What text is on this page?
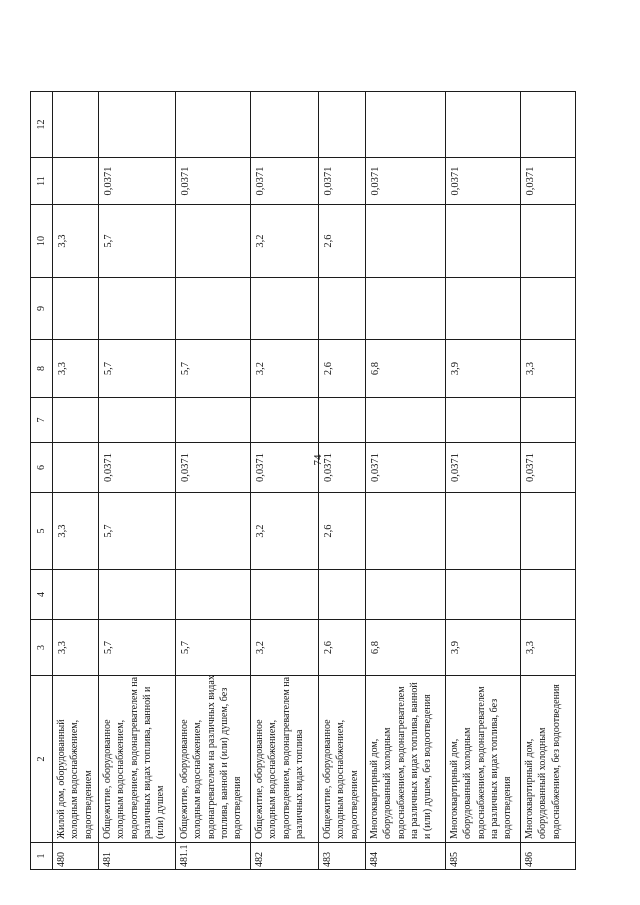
74
1	2	3	4	5	6	7	8	9	10	11	12
480	Жилой дом, оборудованный
холодным водоснабжением,
водоотведением	3,3		3,3			3,3		3,3		
481	Общежитие, оборудованное
холодным водоснабжением,
водоотведением, водонагревателем на
различных видах топлива, ванной и
(или) душем	5,7		5,7	0,0371		5,7		5,7	0,0371	
481.1	Общежитие, оборудованное
холодным водоснабжением,
водонагревателем на различных видах
топлива, ванной и (или) душем, без
водоотведения	5,7			0,0371		5,7			0,0371	
482	Общежитие, оборудованное
холодным водоснабжением,
водоотведением, водонагревателем на
различных видах топлива	3,2		3,2	0,0371		3,2		3,2	0,0371	
483	Общежитие, оборудованное
холодным водоснабжением,
водоотведением	2,6		2,6	0,0371		2,6		2,6	0,0371	
484	Многоквартирный дом,
оборудованный холодным
водоснабжением, водонагревателем
на различных видах топлива, ванной
и (или) душем, без водоотведения	6,8			0,0371		6,8			0,0371	
485	Многоквартирный дом,
оборудованный холодным
водоснабжением, водонагревателем
на различных видах топлива, без
водоотведения	3,9			0,0371		3,9			0,0371	
486	Многоквартирный дом,
оборудованный холодным
водоснабжением, без водоотведения	3,3			0,0371		3,3			0,0371	
